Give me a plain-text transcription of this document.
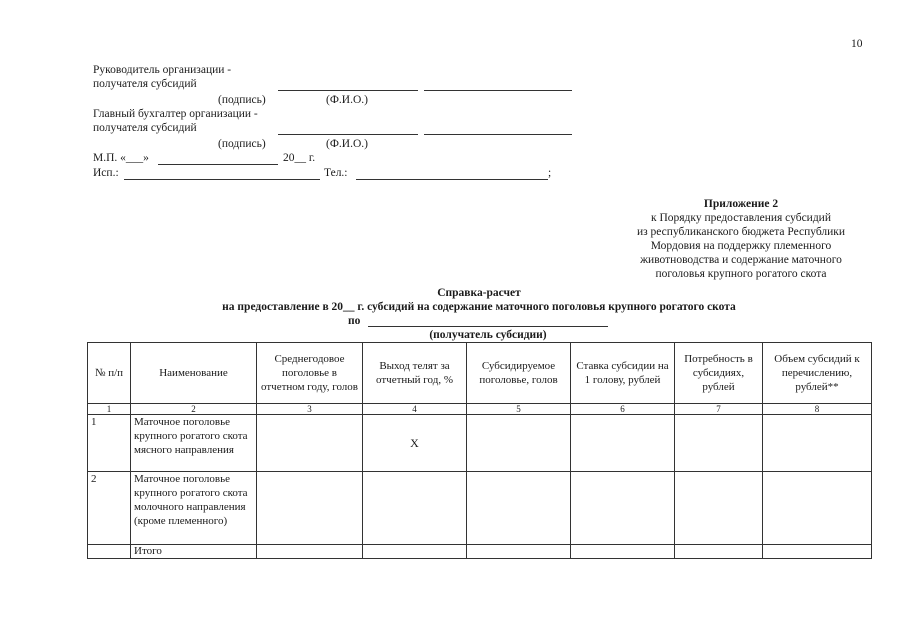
10
Руководитель организации -
получателя субсидий
(подпись)	(Ф.И.О.)
Главный бухгалтер организации -
получателя субсидий
(подпись)	(Ф.И.О.)
М.П. «___»	20__ г.
Исп.:	Тел.:	;
Приложение 2
к Порядку предоставления субсидий
из республиканского бюджета Республики
Мордовия на поддержку племенного
животноводства и содержание маточного
поголовья крупного рогатого скота
Справка-расчет
на предоставление в 20__ г. субсидий на содержание маточного поголовья крупного рогатого скота
по
(получатель субсидии)
№ п/п	Наименование	Среднегодовое поголовье в отчетном году, голов	Выход телят за отчетный год, %	Субсидируемое поголовье, голов	Ставка субсидии на 1 голову, рублей	Потребность в субсидиях, рублей	Объем субсидий к перечислению, рублей**
1	2	3	4	5	6	7	8
1	Маточное поголовье крупного рогатого скота мясного направления		Х				
2	Маточное поголовье крупного рогатого скота молочного направления (кроме племенного)						
	Итого						
